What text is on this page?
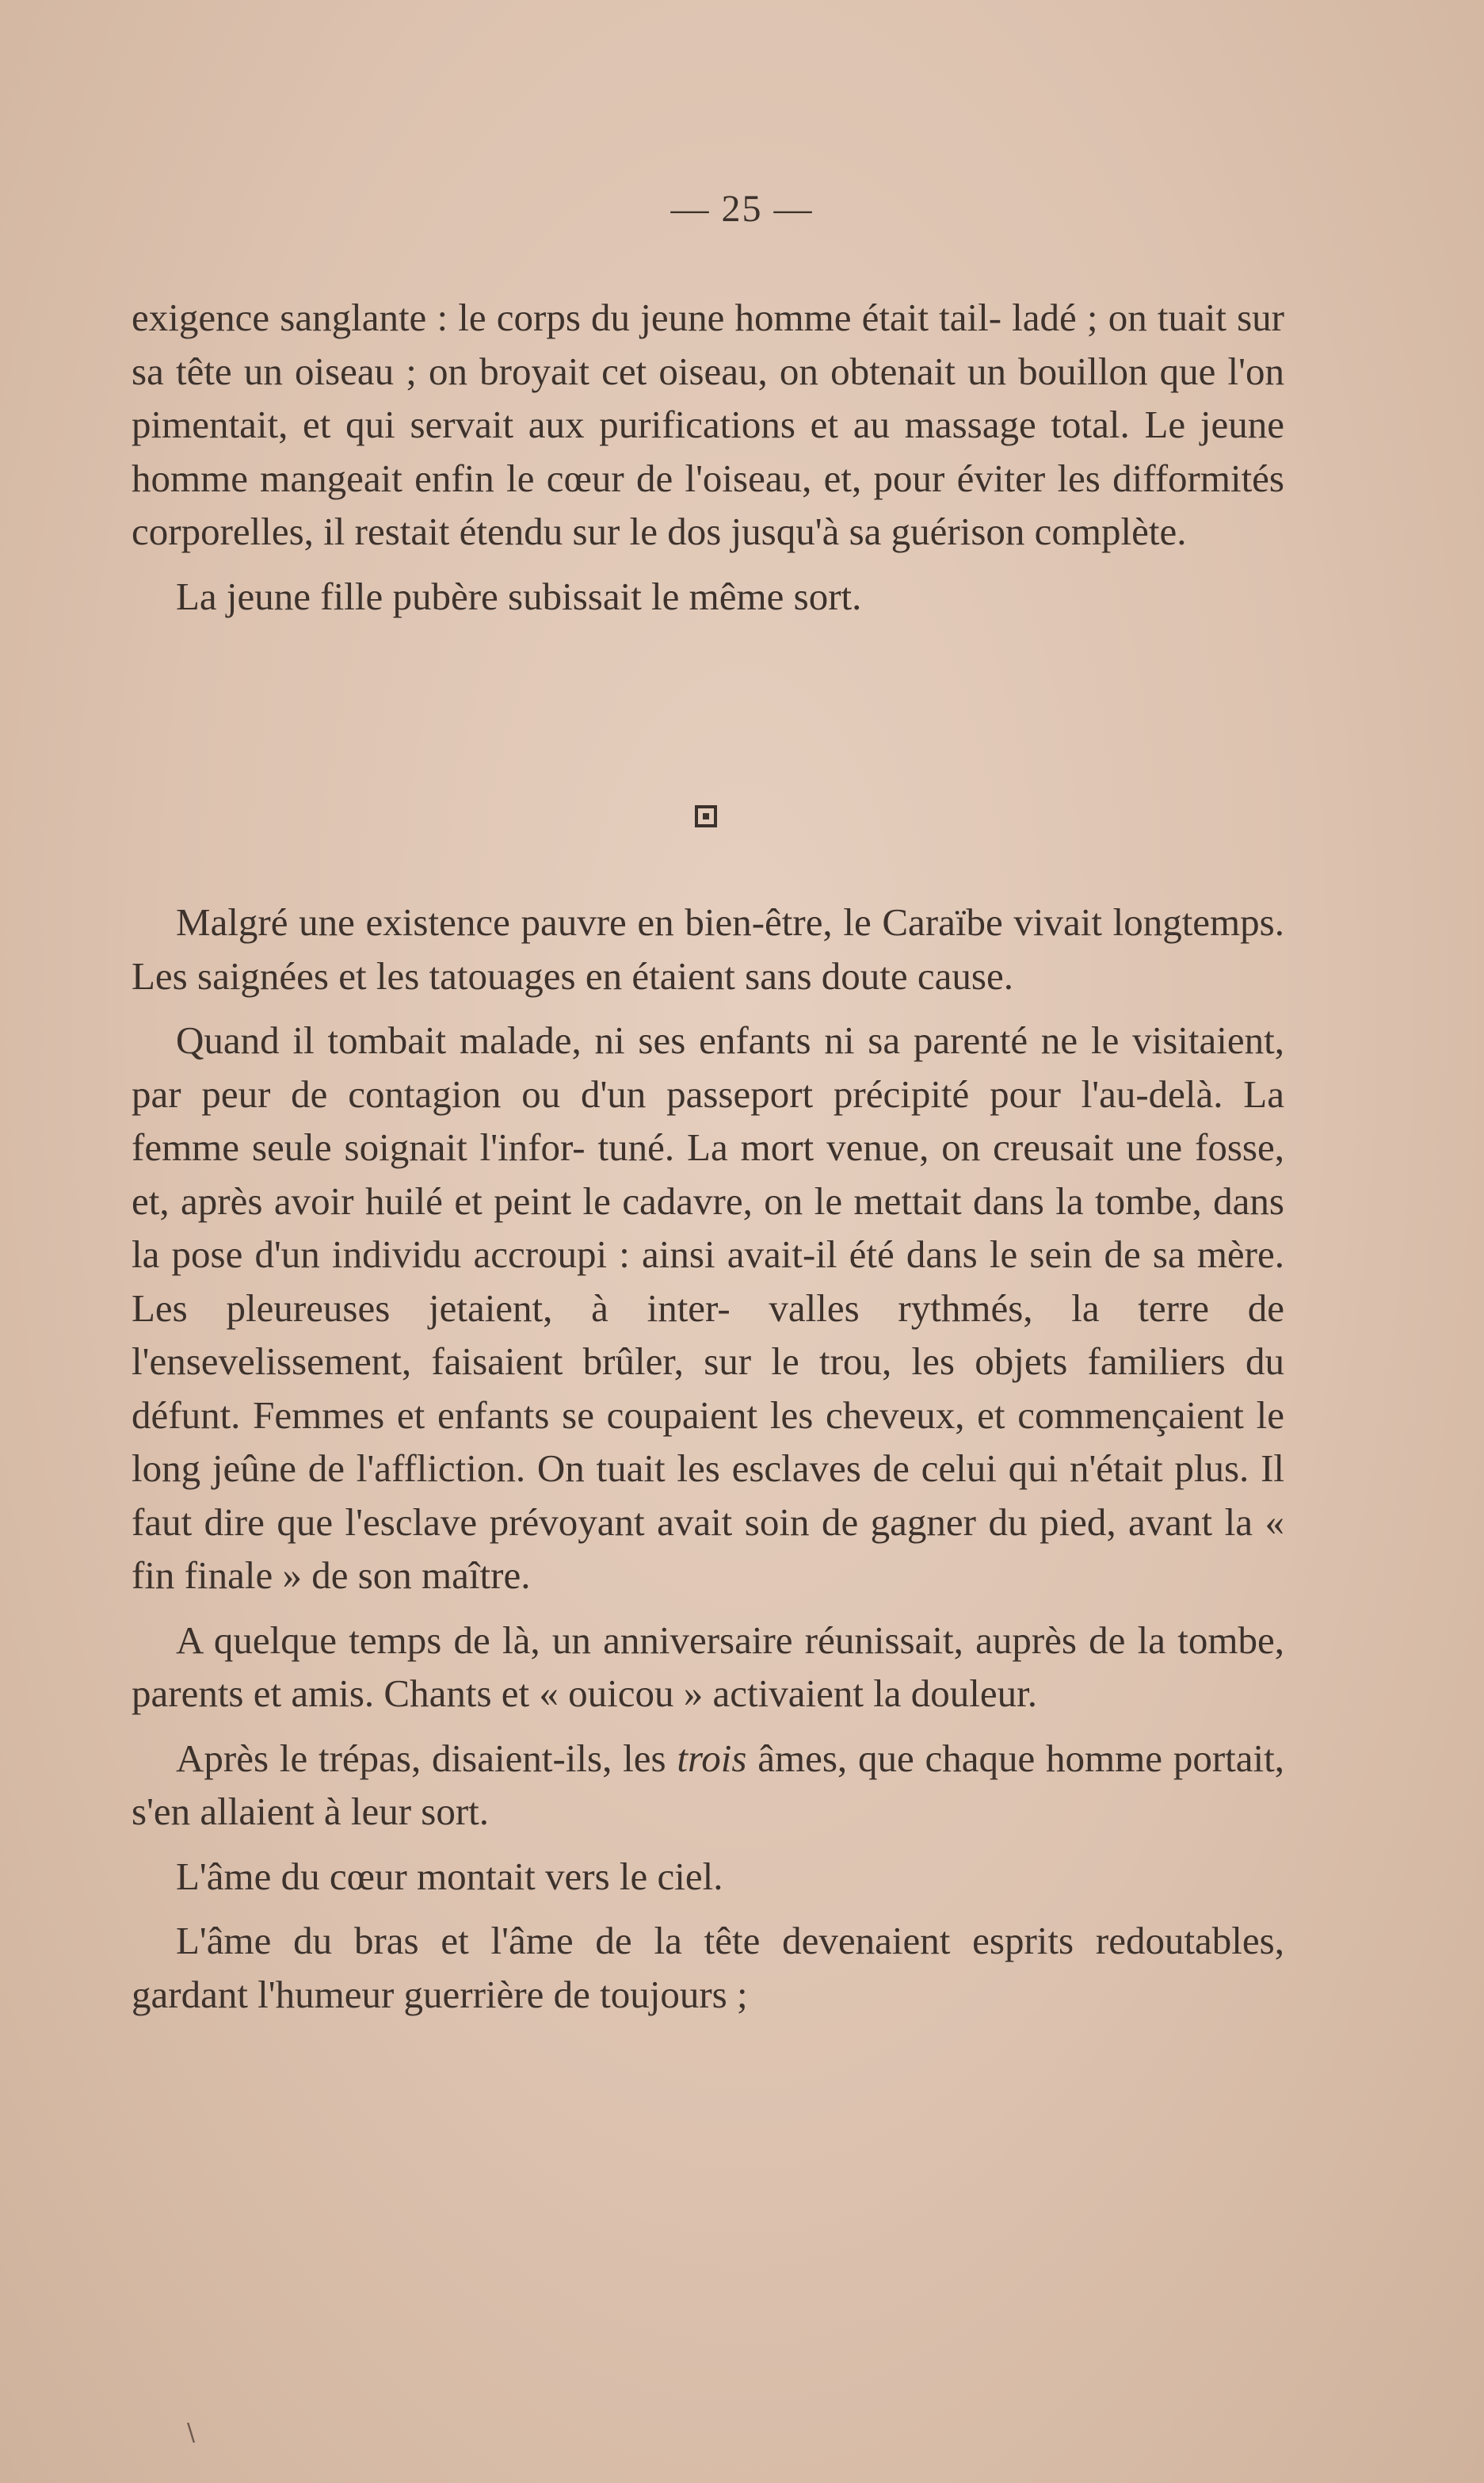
— 25 —

exigence sanglante : le corps du jeune homme était tail- ladé ; on tuait sur sa tête un oiseau ; on broyait cet oiseau, on obtenait un bouillon que l'on pimentait, et qui servait aux purifications et au massage total. Le jeune homme mangeait enfin le cœur de l'oiseau, et, pour éviter les difformités corporelles, il restait étendu sur le dos jusqu'à sa guérison complète.

La jeune fille pubère subissait le même sort.

Malgré une existence pauvre en bien-être, le Caraïbe vivait longtemps. Les saignées et les tatouages en étaient sans doute cause.

Quand il tombait malade, ni ses enfants ni sa parenté ne le visitaient, par peur de contagion ou d'un passeport précipité pour l'au-delà. La femme seule soignait l'infor- tuné. La mort venue, on creusait une fosse, et, après avoir huilé et peint le cadavre, on le mettait dans la tombe, dans la pose d'un individu accroupi : ainsi avait-il été dans le sein de sa mère. Les pleureuses jetaient, à inter- valles rythmés, la terre de l'ensevelissement, faisaient brûler, sur le trou, les objets familiers du défunt. Femmes et enfants se coupaient les cheveux, et commençaient le long jeûne de l'affliction. On tuait les esclaves de celui qui n'était plus. Il faut dire que l'esclave prévoyant avait soin de gagner du pied, avant la « fin finale » de son maître.

A quelque temps de là, un anniversaire réunissait, auprès de la tombe, parents et amis. Chants et « ouicou » activaient la douleur.

Après le trépas, disaient-ils, les trois âmes, que chaque homme portait, s'en allaient à leur sort.

L'âme du cœur montait vers le ciel.

L'âme du bras et l'âme de la tête devenaient esprits redoutables, gardant l'humeur guerrière de toujours ;

\
